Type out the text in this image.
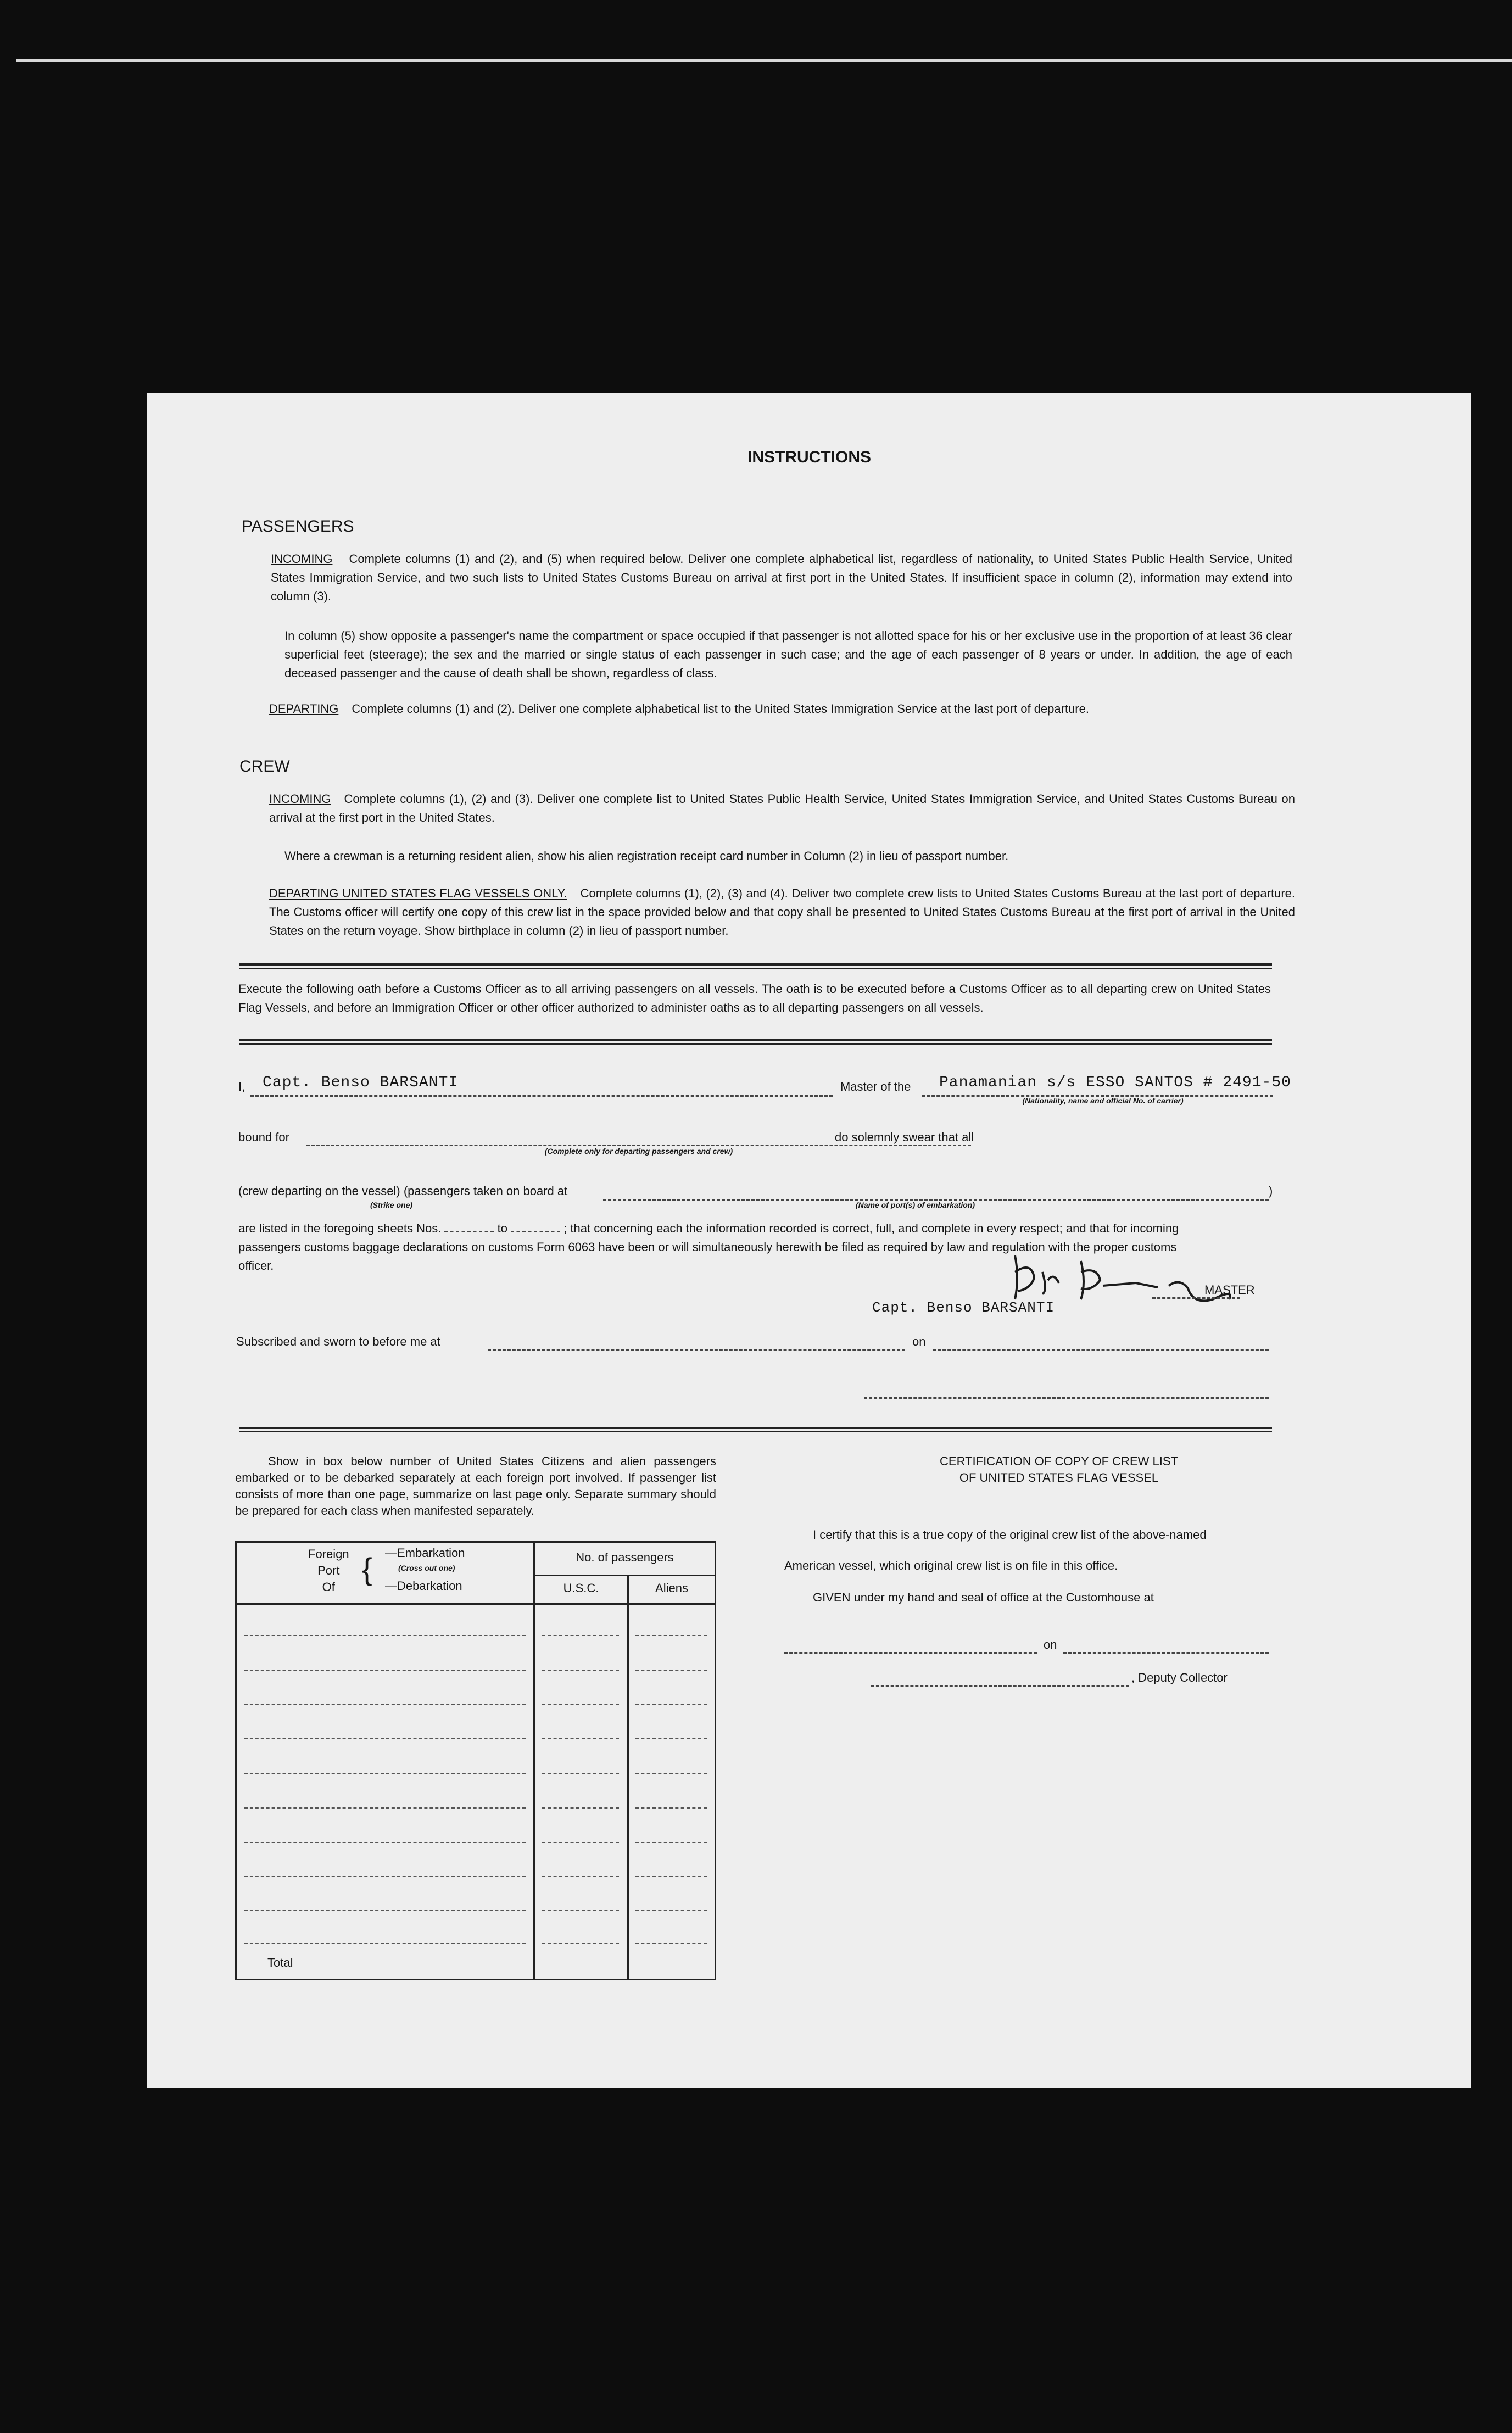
INSTRUCTIONS
PASSENGERS
INCOMING Complete columns (1) and (2), and (5) when required below. Deliver one complete alphabetical list, regardless of nationality, to United States Public Health Service, United States Immigration Service, and two such lists to United States Customs Bureau on arrival at first port in the United States. If insufficient space in column (2), information may extend into column (3).
In column (5) show opposite a passenger's name the compartment or space occupied if that passenger is not allotted space for his or her exclusive use in the proportion of at least 36 clear superficial feet (steerage); the sex and the married or single status of each passenger in such case; and the age of each passenger of 8 years or under. In addition, the age of each deceased passenger and the cause of death shall be shown, regardless of class.
DEPARTING Complete columns (1) and (2). Deliver one complete alphabetical list to the United States Immigration Service at the last port of departure.
CREW
INCOMING Complete columns (1), (2) and (3). Deliver one complete list to United States Public Health Service, United States Immigration Service, and United States Customs Bureau on arrival at the first port in the United States.
Where a crewman is a returning resident alien, show his alien registration receipt card number in Column (2) in lieu of passport number.
DEPARTING UNITED STATES FLAG VESSELS ONLY. Complete columns (1), (2), (3) and (4). Deliver two complete crew lists to United States Customs Bureau at the last port of departure. The Customs officer will certify one copy of this crew list in the space provided below and that copy shall be presented to United States Customs Bureau at the first port of arrival in the United States on the return voyage. Show birthplace in column (2) in lieu of passport number.
Execute the following oath before a Customs Officer as to all arriving passengers on all vessels. The oath is to be executed before a Customs Officer as to all departing crew on United States Flag Vessels, and before an Immigration Officer or other officer authorized to administer oaths as to all departing passengers on all vessels.
I, Capt. Benso BARSANTI	Master of the Panamanian s/s ESSO SANTOS # 2491-50
(Nationality, name and official No. of carrier)
bound for
(Complete only for departing passengers and crew)
do solemnly swear that all
(crew departing on the vessel) (passengers taken on board at	)
(Strike one)	(Name of port(s) of embarkation)
are listed in the foregoing sheets Nos.	to	; that concerning each the information recorded is correct, full, and complete in every respect; and that for incoming
passengers customs baggage declarations on customs Form 6063 have been or will simultaneously herewith be filed as required by law and regulation with the proper customs
officer.
MASTER
Capt. Benso BARSANTI
Subscribed and sworn to before me at	on
Show in box below number of United States Citizens and alien passengers embarked or to be debarked separately at each foreign port involved. If passenger list consists of more than one page, summarize on last page only. Separate summary should be prepared for each class when manifested separately.
Foreign
Port
Of
{ —Embarkation
(Cross out one)
—Debarkation
No. of passengers
U.S.C.	Aliens
Total
CERTIFICATION OF COPY OF CREW LIST
OF UNITED STATES FLAG VESSEL
I certify that this is a true copy of the original crew list of the above-named
American vessel, which original crew list is on file in this office.
GIVEN under my hand and seal of office at the Customhouse at
on
, Deputy Collector
